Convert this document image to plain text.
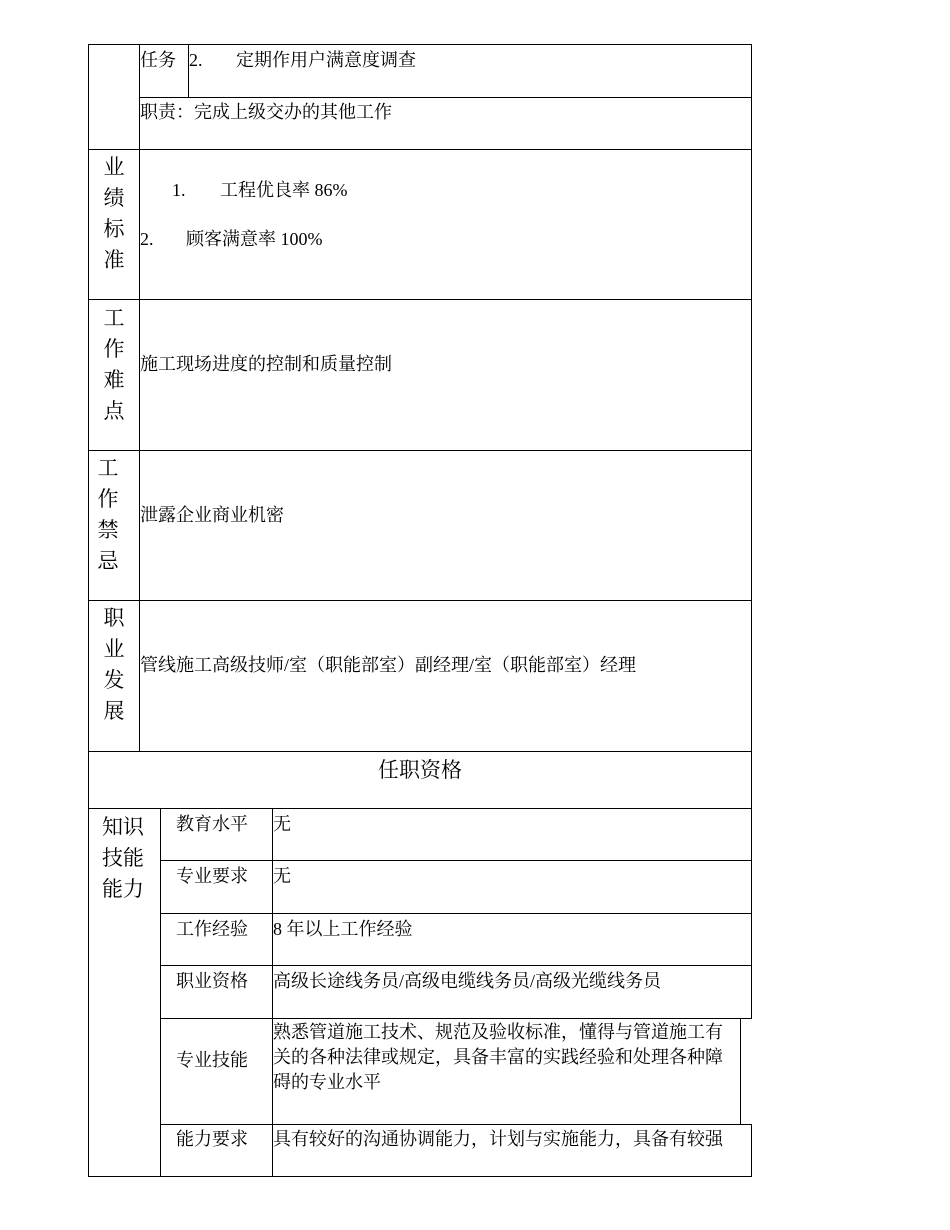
任务 2. 定期作用户满意度调查
职责：完成上级交办的其他工作
业绩标准
1. 工程优良率 86%
2. 顾客满意率 100%
工作难点
施工现场进度的控制和质量控制
工作禁忌
泄露企业商业机密
职业发展
管线施工高级技师/室（职能部室）副经理/室（职能部室）经理
任职资格
知识技能能力
教育水平 无
专业要求 无
工作经验 8 年以上工作经验
职业资格 高级长途线务员/高级电缆线务员/高级光缆线务员
专业技能
熟悉管道施工技术、规范及验收标准，懂得与管道施工有关的各种法律或规定，具备丰富的实践经验和处理各种障碍的专业水平
能力要求 具有较好的沟通协调能力，计划与实施能力，具备有较强
